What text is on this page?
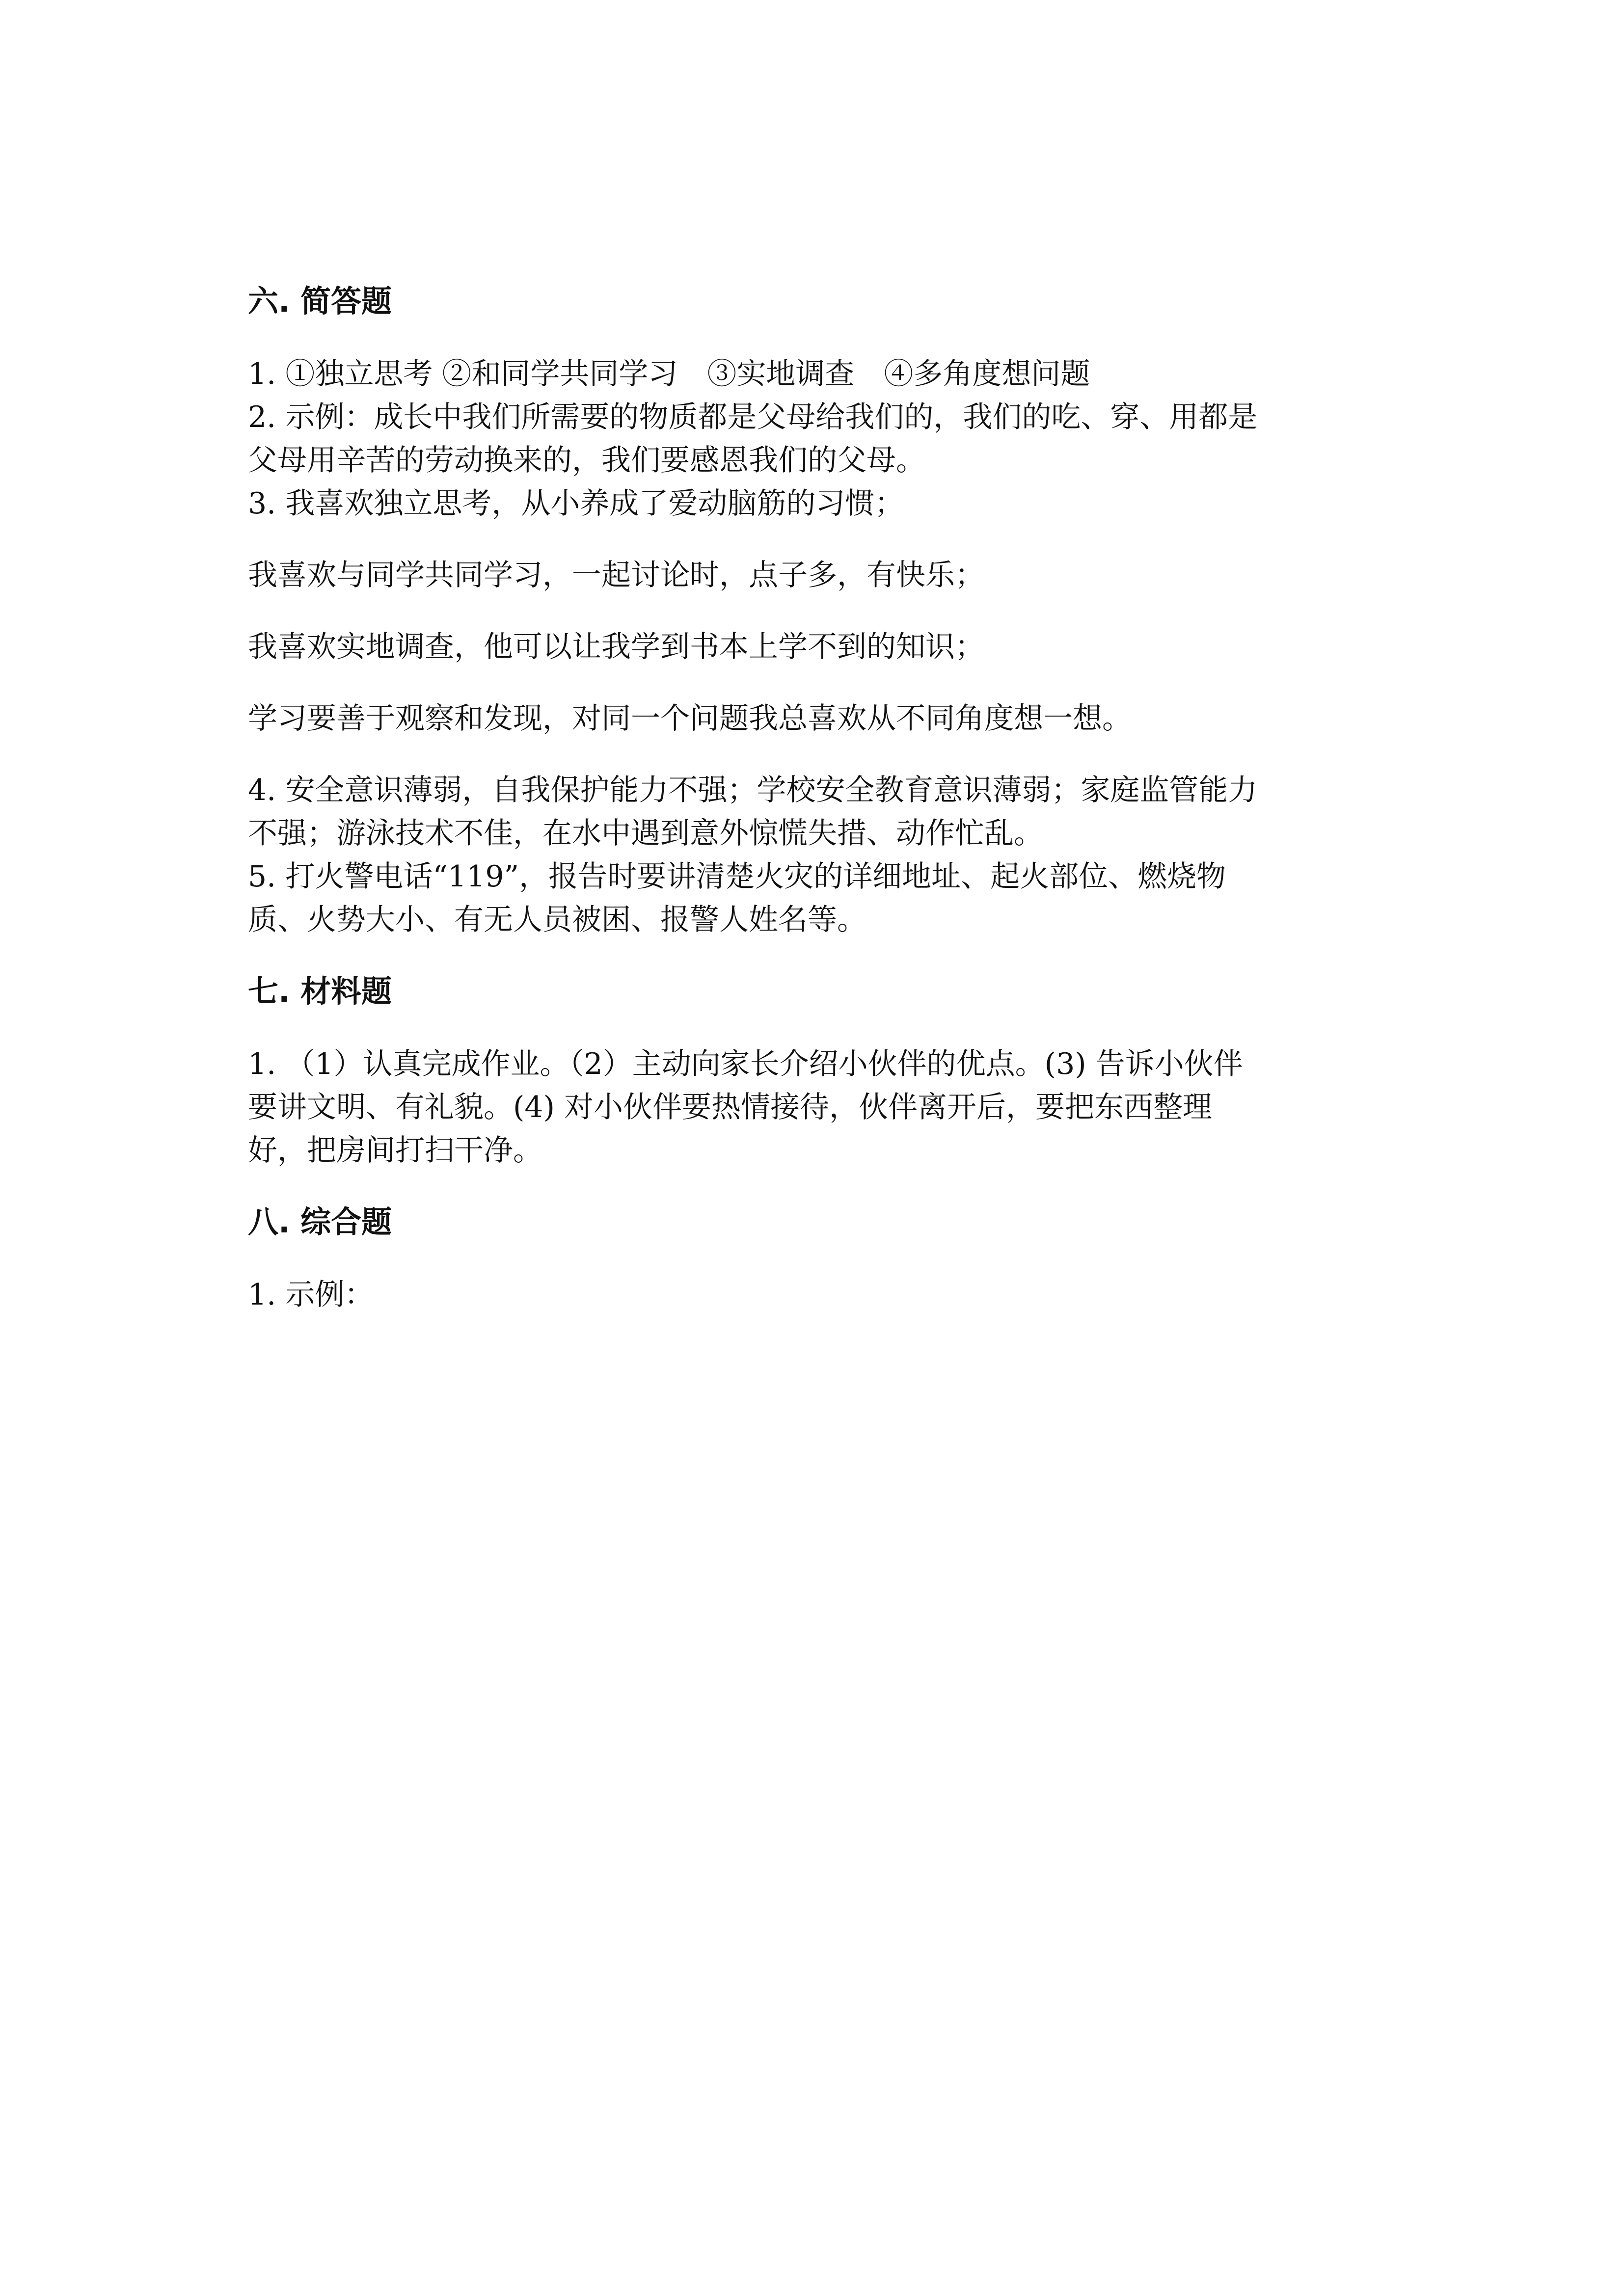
六. 简答题
1. ①独立思考 ②和同学共同学习　③实地调查　④多角度想问题
2. 示例：成长中我们所需要的物质都是父母给我们的，我们的吃、穿、用都是
父母用辛苦的劳动换来的，我们要感恩我们的父母。
3. 我喜欢独立思考，从小养成了爱动脑筋的习惯；
我喜欢与同学共同学习，一起讨论时，点子多，有快乐；
我喜欢实地调查，他可以让我学到书本上学不到的知识；
学习要善于观察和发现，对同一个问题我总喜欢从不同角度想一想。
4. 安全意识薄弱，自我保护能力不强；学校安全教育意识薄弱；家庭监管能力
不强；游泳技术不佳，在水中遇到意外惊慌失措、动作忙乱。
5. 打火警电话“119”，报告时要讲清楚火灾的详细地址、起火部位、燃烧物
质、火势大小、有无人员被困、报警人姓名等。
七. 材料题
1. （1）认真完成作业。（2）主动向家长介绍小伙伴的优点。(3) 告诉小伙伴
要讲文明、有礼貌。(4) 对小伙伴要热情接待，伙伴离开后，要把东西整理
好，把房间打扫干净。
八. 综合题
1. 示例：
